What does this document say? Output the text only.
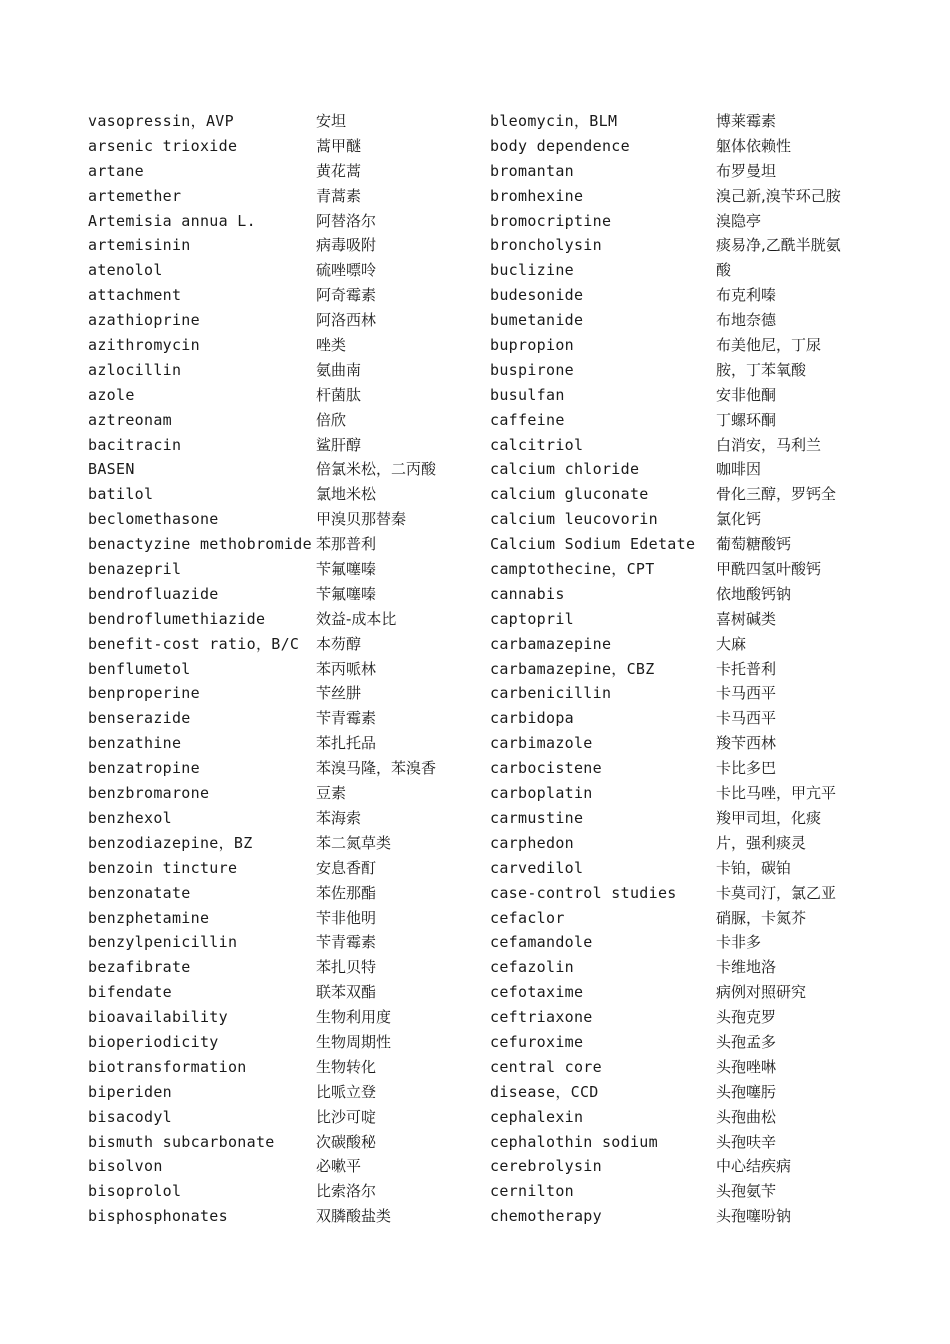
vasopressin，AVP
arsenic trioxide
artane
artemether
Artemisia annua L.
artemisinin
atenolol
attachment
azathioprine
azithromycin
azlocillin
azole
aztreonam
bacitracin
BASEN
batilol
beclomethasone
benactyzine methobromide
benazepril
bendrofluazide
bendroflumethiazide
benefit-cost ratio，B/C
benflumetol
benproperine
benserazide
benzathine
benzatropine
benzbromarone
benzhexol
benzodiazepine，BZ
benzoin tincture
benzonatate
benzphetamine
benzylpenicillin
bezafibrate
bifendate
bioavailability
bioperiodicity
biotransformation
biperiden
bisacodyl
bismuth subcarbonate
bisolvon
bisoprolol
bisphosphonates
安坦
蒿甲醚
黄花蒿
青蒿素
阿替洛尔
病毒吸附
硫唑嘌呤
阿奇霉素
阿洛西林
唑类
氨曲南
杆菌肽
倍欣
鲨肝醇
倍氯米松，二丙酸
氯地米松
甲溴贝那替秦
苯那普利
苄氟噻嗪
苄氟噻嗪
效益-成本比
本芴醇
苯丙哌林
苄丝肼
苄青霉素
苯扎托品
苯溴马隆，苯溴香
豆素
苯海索
苯二氮草类
安息香酊
苯佐那酯
苄非他明
苄青霉素
苯扎贝特
联苯双酯
生物利用度
生物周期性
生物转化
比哌立登
比沙可啶
次碳酸秘
必嗽平
比索洛尔
双膦酸盐类
bleomycin，BLM
body dependence
bromantan
bromhexine
bromocriptine
broncholysin
buclizine
budesonide
bumetanide
bupropion
buspirone
busulfan
caffeine
calcitriol
calcium chloride
calcium gluconate
calcium leucovorin
Calcium Sodium Edetate
camptothecine，CPT
cannabis
captopril
carbamazepine
carbamazepine，CBZ
carbenicillin
carbidopa
carbimazole
carbocistene
carboplatin
carmustine
carphedon
carvedilol
case-control studies
cefaclor
cefamandole
cefazolin
cefotaxime
ceftriaxone
cefuroxime
central core
disease，CCD
cephalexin
cephalothin sodium
cerebrolysin
cernilton
chemotherapy
博莱霉素
躯体依赖性
布罗曼坦
溴己新,溴苄环己胺
溴隐亭
痰易净,乙酰半胱氨
酸
布克利嗪
布地奈德
布美他尼，丁尿
胺，丁苯氧酸
安非他酮
丁螺环酮
白消安，马利兰
咖啡因
骨化三醇，罗钙全
氯化钙
葡萄糖酸钙
甲酰四氢叶酸钙
依地酸钙钠
喜树碱类
大麻
卡托普利
卡马西平
卡马西平
羧苄西林
卡比多巴
卡比马唑，甲亢平
羧甲司坦，化痰
片，强利痰灵
卡铂，碳铂
卡莫司汀，氯乙亚
硝脲，卡氮芥
卡非多
卡维地洛
病例对照研究
头孢克罗
头孢孟多
头孢唑啉
头孢噻肟
头孢曲松
头孢呋辛
中心结疾病
头孢氨苄
头孢噻吩钠
